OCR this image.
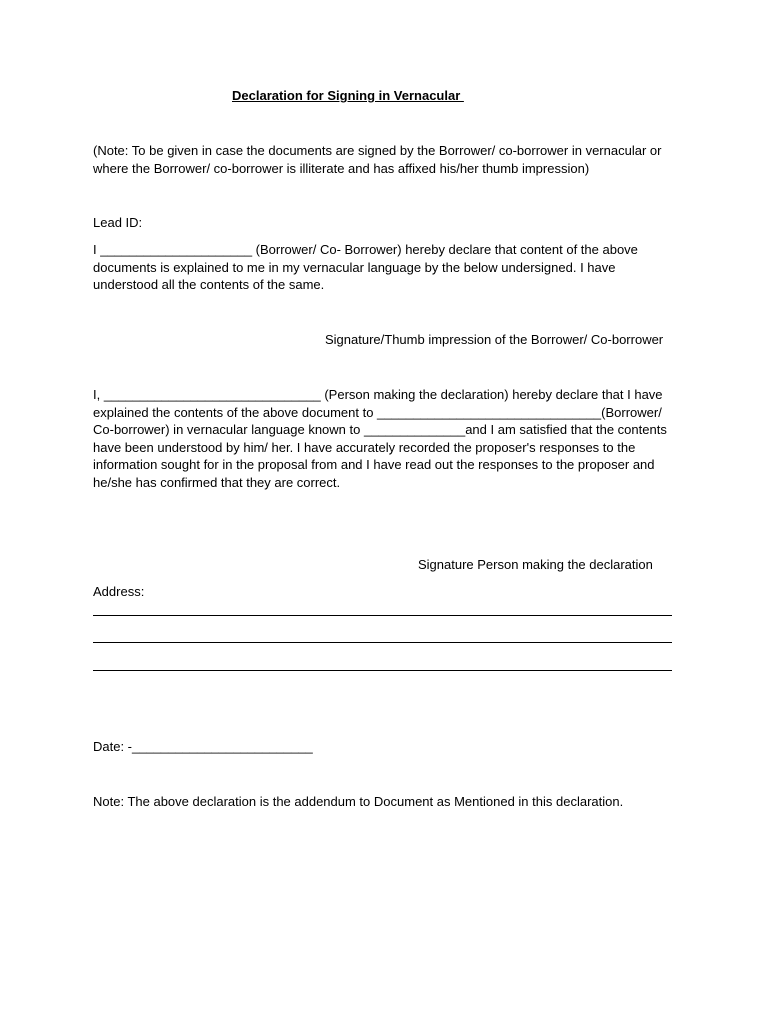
Declaration for Signing in Vernacular
(Note: To be given in case the documents are signed by the Borrower/ co-borrower in vernacular or where the Borrower/ co-borrower is illiterate and has affixed his/her thumb impression)
Lead ID:
I _____________________ (Borrower/ Co- Borrower) hereby declare that content of the above documents is explained to me in my vernacular language by the below undersigned. I have understood all the contents of the same.
Signature/Thumb impression of the Borrower/ Co-borrower
I, ______________________________ (Person making the declaration) hereby declare that I have explained the contents of the above document to _______________________________(Borrower/ Co-borrower) in vernacular language known to ______________and I am satisfied that the contents have been understood by him/ her. I have accurately recorded the proposer's responses to the information sought for in the proposal from and I have read out the responses to the proposer and he/she has confirmed that they are correct.
Signature Person making the declaration
Address:
Date: -_________________________
Note: The above declaration is the addendum to Document as Mentioned in this declaration.
